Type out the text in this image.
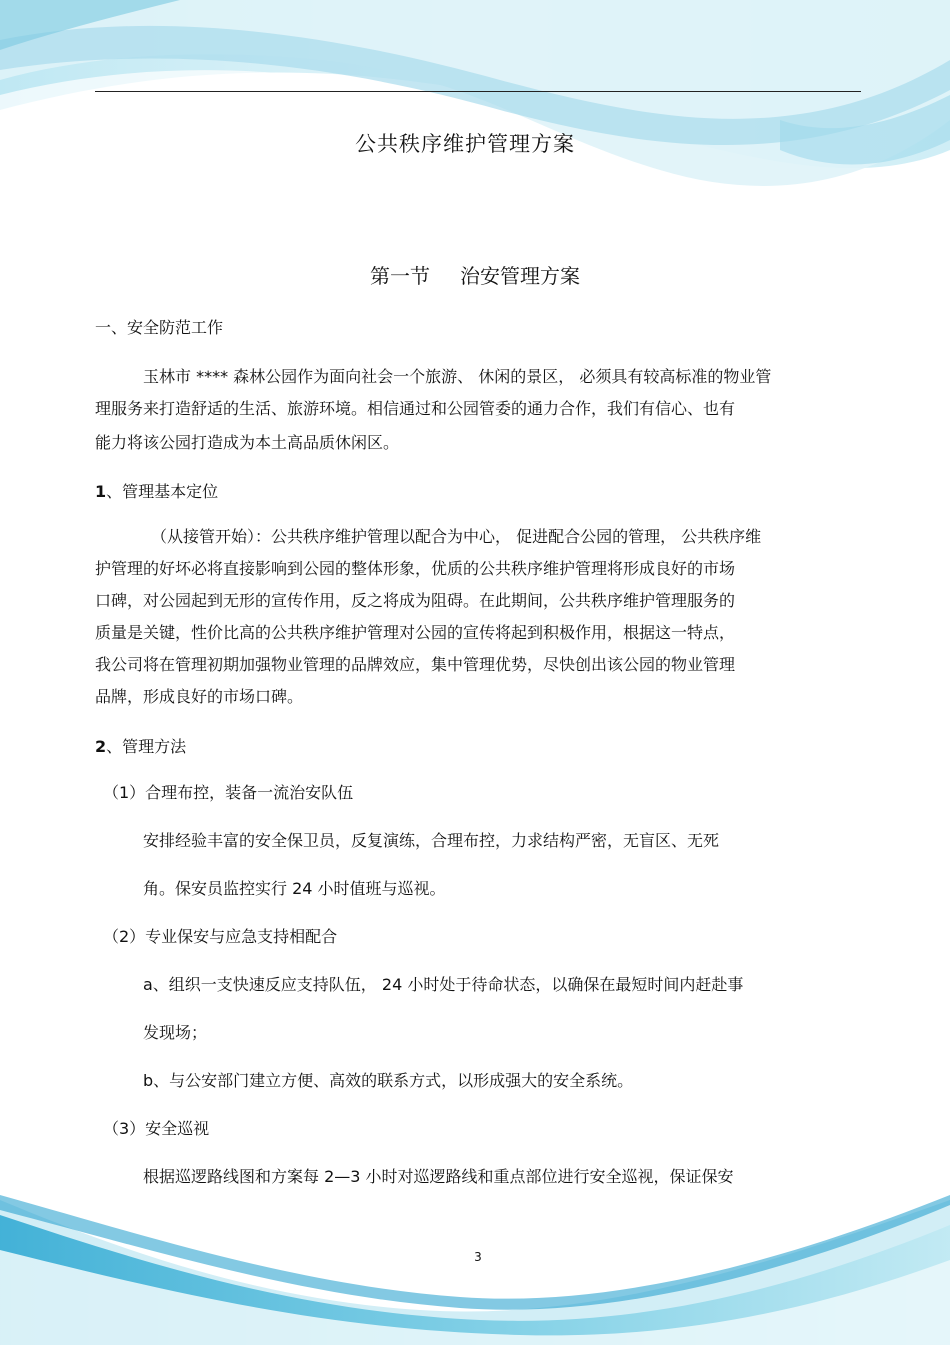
公共秩序维护管理方案
第一节 治安管理方案
一、安全防范工作
玉林市 **** 森林公园作为面向社会一个旅游、 休闲的景区， 必须具有较高标准的物业管
理服务来打造舒适的生活、旅游环境。相信通过和公园管委的通力合作，我们有信心、也有
能力将该公园打造成为本土高品质休闲区。
1、管理基本定位
（从接管开始）：公共秩序维护管理以配合为中心， 促进配合公园的管理， 公共秩序维
护管理的好坏必将直接影响到公园的整体形象，优质的公共秩序维护管理将形成良好的市场
口碑，对公园起到无形的宣传作用，反之将成为阻碍。在此期间，公共秩序维护管理服务的
质量是关键，性价比高的公共秩序维护管理对公园的宣传将起到积极作用，根据这一特点，
我公司将在管理初期加强物业管理的品牌效应，集中管理优势，尽快创出该公园的物业管理
品牌，形成良好的市场口碑。
2、管理方法
（1）合理布控，装备一流治安队伍
安排经验丰富的安全保卫员，反复演练，合理布控，力求结构严密，无盲区、无死
角。保安员监控实行 24 小时值班与巡视。
（2）专业保安与应急支持相配合
a、组织一支快速反应支持队伍， 24 小时处于待命状态，以确保在最短时间内赶赴事
发现场；
b、与公安部门建立方便、高效的联系方式，以形成强大的安全系统。
（3）安全巡视
根据巡逻路线图和方案每 2—3 小时对巡逻路线和重点部位进行安全巡视，保证保安
3
